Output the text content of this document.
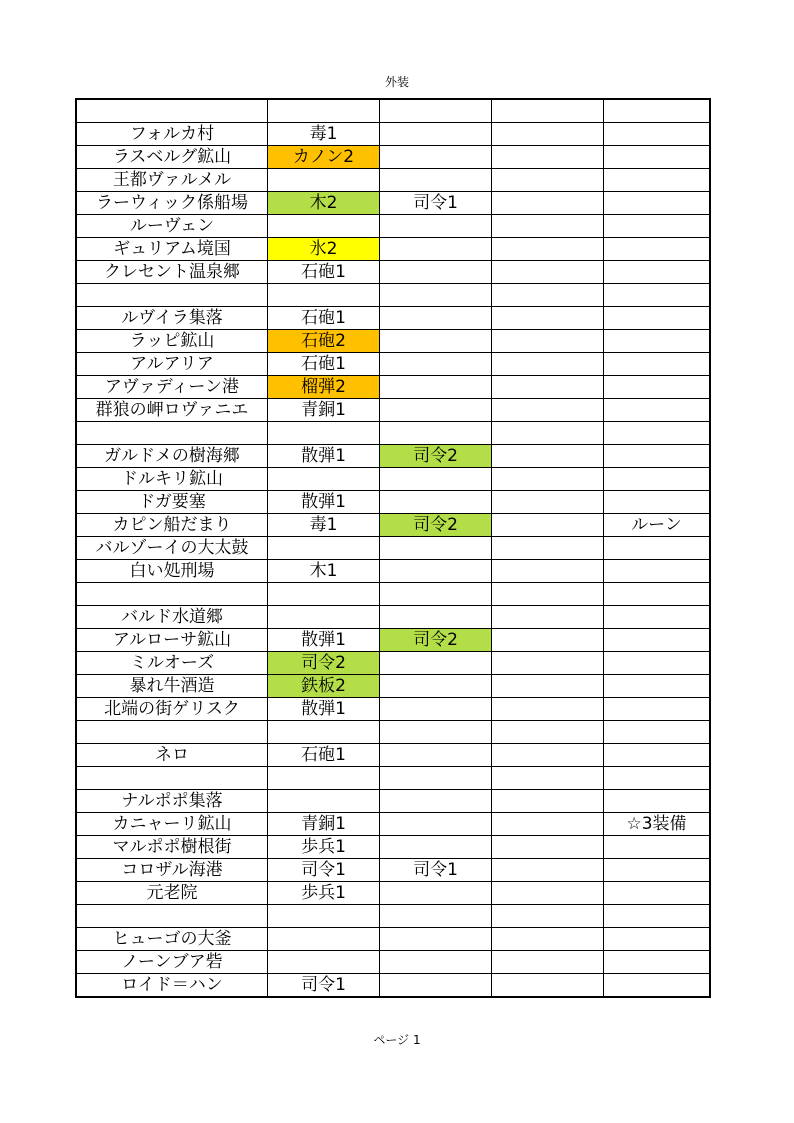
外装

フォルカ村	毒1			
ラスベルグ鉱山	カノン2			
王都ヴァルメル				
ラーウィック係船場	木2	司令1		
ルーヴェン				
ギュリアム境国	氷2			
クレセント温泉郷	石砲1			

ルヴイラ集落	石砲1			
ラッピ鉱山	石砲2			
アルアリア	石砲1			
アヴァディーン港	榴弾2			
群狼の岬ロヴァニエ	青銅1			

ガルドメの樹海郷	散弾1	司令2		
ドルキリ鉱山				
ドガ要塞	散弾1			
カピン船だまり	毒1	司令2		ルーン
バルゾーイの大太鼓				
白い処刑場	木1			

バルド水道郷				
アルローサ鉱山	散弾1	司令2		
ミルオーズ	司令2			
暴れ牛酒造	鉄板2			
北端の街ゲリスク	散弾1			

ネロ	石砲1			

ナルポポ集落				
カニャーリ鉱山	青銅1			☆3装備
マルポポ樹根街	歩兵1			
コロザル海港	司令1	司令1		
元老院	歩兵1			

ヒューゴの大釜				
ノーンブア砦				
ロイド＝ハン	司令1			
ページ 1
